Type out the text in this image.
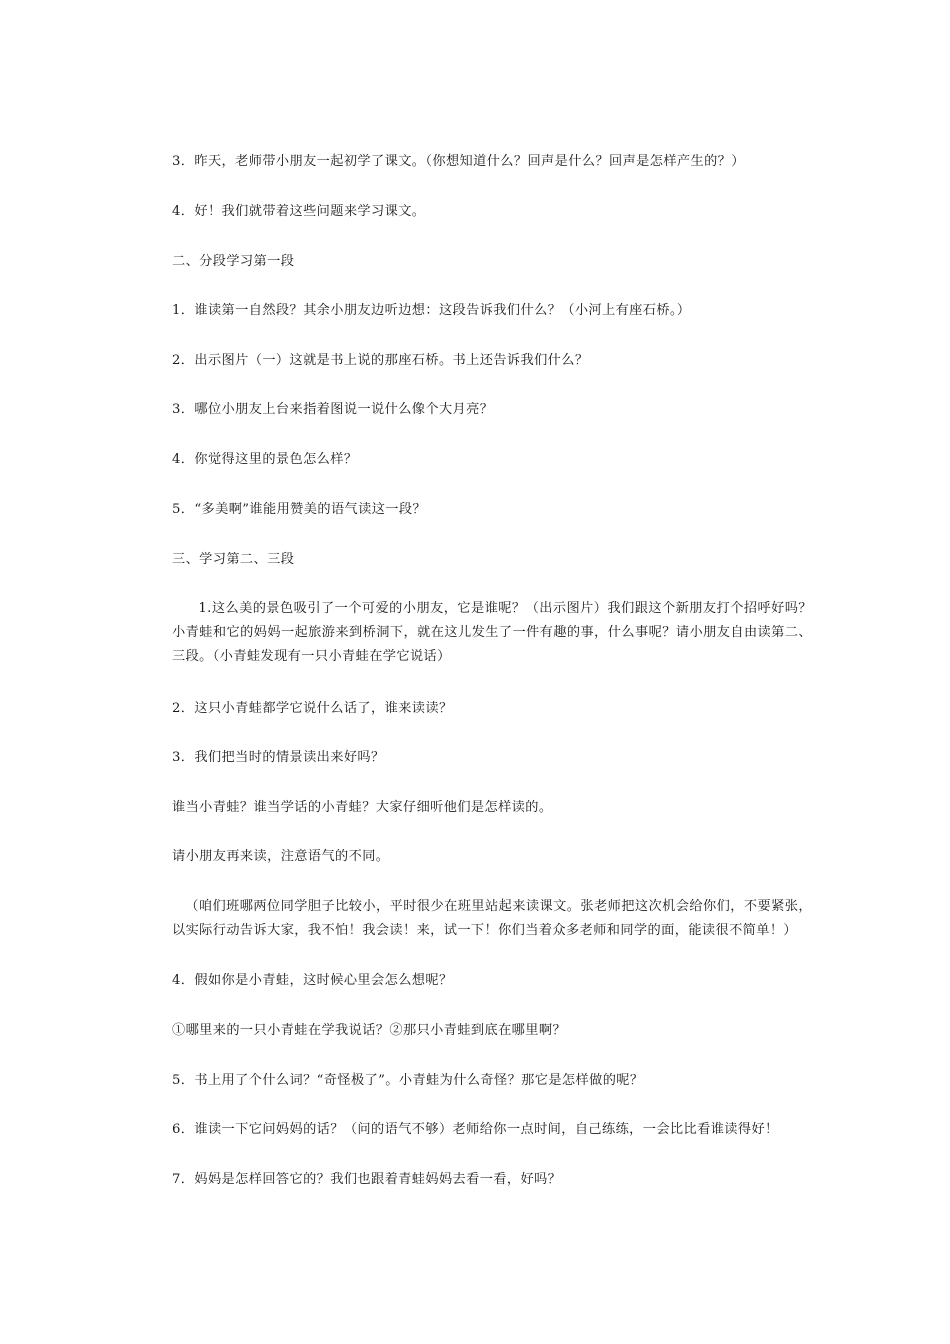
3．昨天，老师带小朋友一起初学了课文。（你想知道什么？回声是什么？回声是怎样产生的？）
4．好！我们就带着这些问题来学习课文。
二、分段学习第一段
1．谁读第一自然段？其余小朋友边听边想：这段告诉我们什么？（小河上有座石桥。）
2．出示图片（一）这就是书上说的那座石桥。书上还告诉我们什么？
3．哪位小朋友上台来指着图说一说什么像个大月亮？
4．你觉得这里的景色怎么样？
5．“多美啊”谁能用赞美的语气读这一段？
三、学习第二、三段
1.这么美的景色吸引了一个可爱的小朋友，它是谁呢？（出示图片）我们跟这个新朋友打个招呼好吗？小青蛙和它的妈妈一起旅游来到桥洞下，就在这儿发生了一件有趣的事，什么事呢？请小朋友自由读第二、三段。（小青蛙发现有一只小青蛙在学它说话）
2．这只小青蛙都学它说什么话了，谁来读读？
3．我们把当时的情景读出来好吗？
谁当小青蛙？谁当学话的小青蛙？大家仔细听他们是怎样读的。
请小朋友再来读，注意语气的不同。
（咱们班哪两位同学胆子比较小，平时很少在班里站起来读课文。张老师把这次机会给你们，不要紧张，以实际行动告诉大家，我不怕！我会读！来，试一下！你们当着众多老师和同学的面，能读很不简单！）
4．假如你是小青蛙，这时候心里会怎么想呢？
①哪里来的一只小青蛙在学我说话？②那只小青蛙到底在哪里啊？
5．书上用了个什么词？“奇怪极了”。小青蛙为什么奇怪？那它是怎样做的呢？
6．谁读一下它问妈妈的话？（问的语气不够）老师给你一点时间，自己练练，一会比比看谁读得好！
7．妈妈是怎样回答它的？我们也跟着青蛙妈妈去看一看，好吗？
